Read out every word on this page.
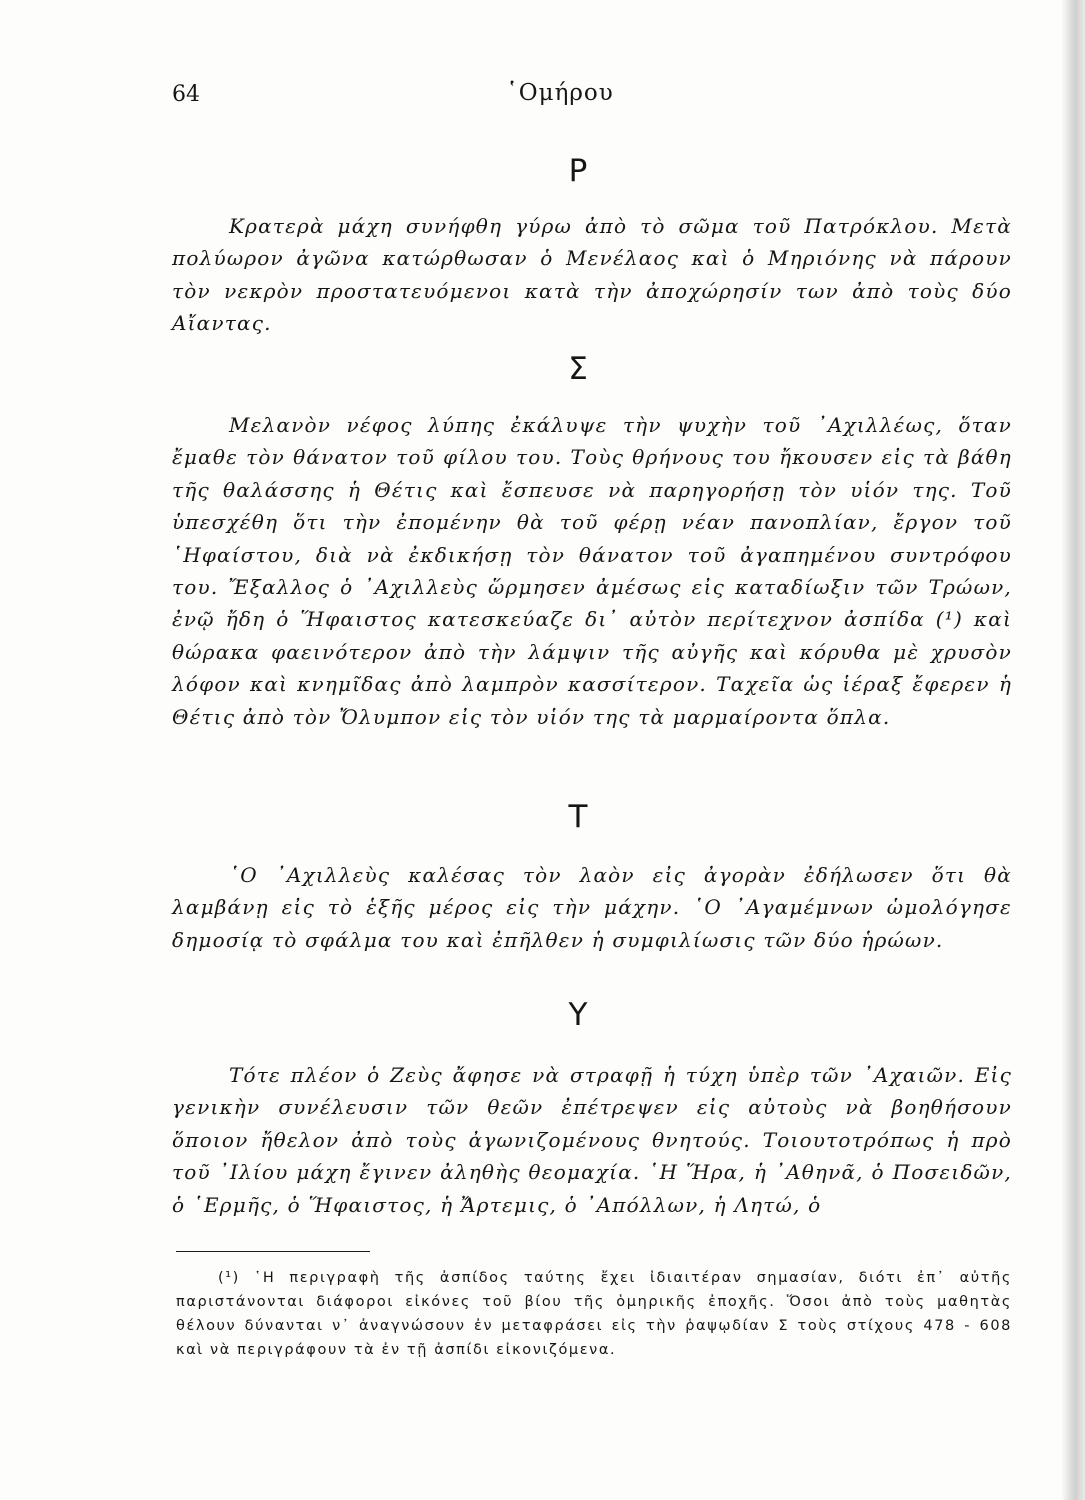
64	῾Ομήρου
P

Κρατερὰ μάχη συνήφθη γύρω ἀπὸ τὸ σῶμα τοῦ Πατρόκλου. Μετὰ πολύωρον ἀγῶνα κατώρθωσαν ὁ Μενέλαος καὶ ὁ Μηριόνης νὰ πάρουν τὸν νεκρὸν προστατευόμενοι κατὰ τὴν ἀποχώρησίν των ἀπὸ τοὺς δύο Αἴαντας.

Σ

Μελανὸν νέφος λύπης ἐκάλυψε τὴν ψυχὴν τοῦ ᾿Αχιλλέως, ὅταν ἔμαθε τὸν θάνατον τοῦ φίλου του. Τοὺς θρήνους του ἤκουσεν εἰς τὰ βάθη τῆς θαλάσσης ἡ Θέτις καὶ ἔσπευσε νὰ παρηγορήσῃ τὸν υἱόν της. Τοῦ ὑπεσχέθη ὅτι τὴν ἐπομένην θὰ τοῦ φέρῃ νέαν πανοπλίαν, ἔργον τοῦ ῾Ηφαίστου, διὰ νὰ ἐκδικήσῃ τὸν θάνατον τοῦ ἀγαπημένου συντρόφου του. Ἔξαλλος ὁ ᾿Αχιλλεὺς ὥρμησεν ἀμέσως εἰς καταδίωξιν τῶν Τρώων, ἐνῷ ἤδη ὁ Ἥφαιστος κατεσκεύαζε δι᾿ αὐτὸν περίτεχνον ἀσπίδα (¹) καὶ θώρακα φαεινότερον ἀπὸ τὴν λάμψιν τῆς αὐγῆς καὶ κόρυθα μὲ χρυσὸν λόφον καὶ κνημῖδας ἀπὸ λαμπρὸν κασσίτερον. Ταχεῖα ὡς ἱέραξ ἔφερεν ἡ Θέτις ἀπὸ τὸν Ὄλυμπον εἰς τὸν υἱόν της τὰ μαρμαίροντα ὅπλα.

T

῾Ο ᾿Αχιλλεὺς καλέσας τὸν λαὸν εἰς ἀγορὰν ἐδήλωσεν ὅτι θὰ λαμβάνῃ εἰς τὸ ἑξῆς μέρος εἰς τὴν μάχην. ῾Ο ᾿Αγαμέμνων ὡμολόγησε δημοσίᾳ τὸ σφάλμα του καὶ ἐπῆλθεν ἡ συμφιλίωσις τῶν δύο ἡρώων.

Y

Τότε πλέον ὁ Ζεὺς ἄφησε νὰ στραφῇ ἡ τύχη ὑπὲρ τῶν ᾿Αχαιῶν. Εἰς γενικὴν συνέλευσιν τῶν θεῶν ἐπέτρεψεν εἰς αὐτοὺς νὰ βοηθήσουν ὅποιον ἤθελον ἀπὸ τοὺς ἀγωνιζομένους θνητούς. Τοιουτοτρόπως ἡ πρὸ τοῦ ᾿Ιλίου μάχη ἔγινεν ἀληθὴς θεομαχία. ῾Η Ἥρα, ἡ ᾿Αθηνᾶ, ὁ Ποσειδῶν, ὁ ῾Ερμῆς, ὁ Ἥφαιστος, ἡ Ἄρτεμις, ὁ ᾿Απόλλων, ἡ Λητώ, ὁ

(¹) ῾Η περιγραφὴ τῆς ἀσπίδος ταύτης ἔχει ἰδιαιτέραν σημασίαν, διότι ἐπ᾿ αὐτῆς παριστάνονται διάφοροι εἰκόνες τοῦ βίου τῆς ὁμηρικῆς ἐποχῆς. Ὅσοι ἀπὸ τοὺς μαθητὰς θέλουν δύνανται ν᾿ ἀναγνώσουν ἐν μεταφράσει εἰς τὴν ῥαψῳδίαν Σ τοὺς στίχους 478 - 608 καὶ νὰ περιγράφουν τὰ ἐν τῇ ἀσπίδι εἰκονιζόμενα.
